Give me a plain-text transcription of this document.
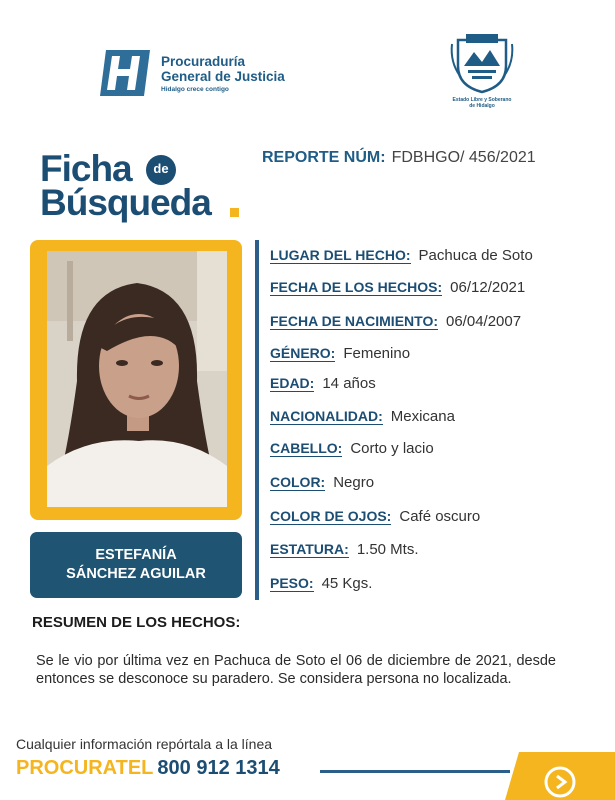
Procuraduría
General de Justicia
Hidalgo crece contigo
Estado Libre y Soberano
de Hidalgo
Ficha	de
Búsqueda
REPORTE NÚM: FDBHGO/ 456/2021
ESTEFANÍA
SÁNCHEZ AGUILAR
LUGAR DEL HECHO: Pachuca de Soto
FECHA DE LOS HECHOS: 06/12/2021
FECHA DE NACIMIENTO: 06/04/2007
GÉNERO: Femenino
EDAD: 14 años
NACIONALIDAD: Mexicana
CABELLO: Corto y lacio
COLOR: Negro
COLOR DE OJOS: Café oscuro
ESTATURA: 1.50 Mts.
PESO: 45 Kgs.
RESUMEN DE LOS HECHOS:
Se le vio por última vez en Pachuca de Soto el 06 de diciembre de 2021, desde entonces se desconoce su paradero. Se considera persona no localizada.
Cualquier información repórtala a la línea
PROCURATEL 800 912 1314
